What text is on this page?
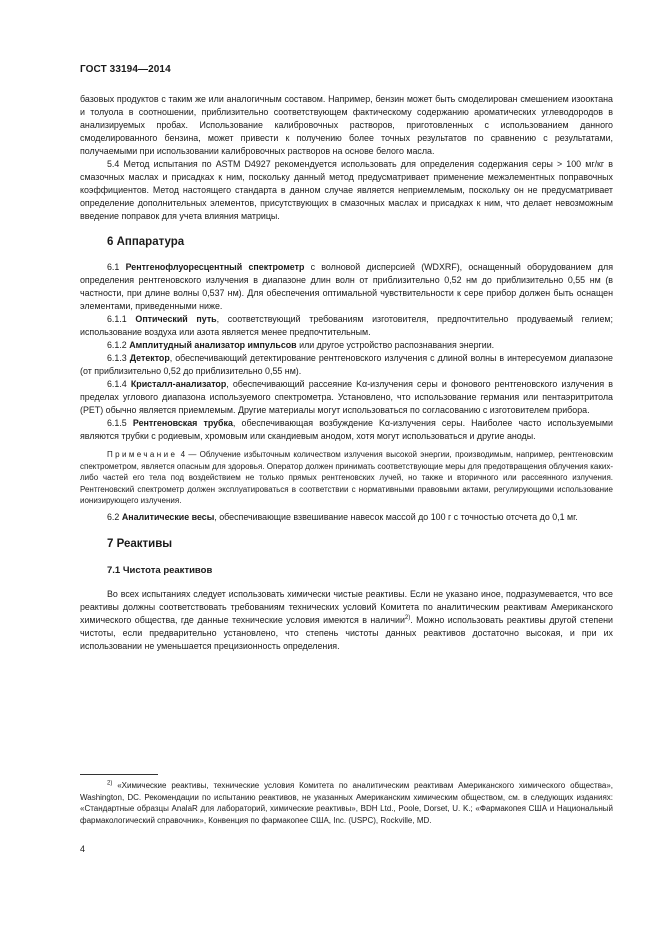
ГОСТ 33194—2014

базовых продуктов с таким же или аналогичным составом. Например, бензин может быть смоделирован смешением изооктана и толуола в соотношении, приблизительно соответствующем фактическому содержанию ароматических углеводородов в анализируемых пробах. Использование калибровочных растворов, приготовленных с использованием данного смоделированного бензина, может привести к получению более точных результатов по сравнению с результатами, получаемыми при использовании калибровочных растворов на основе белого масла.

5.4 Метод испытания по ASTM D4927 рекомендуется использовать для определения содержания серы > 100 мг/кг в смазочных маслах и присадках к ним, поскольку данный метод предусматривает применение межэлементных поправочных коэффициентов. Метод настоящего стандарта в данном случае является неприемлемым, поскольку он не предусматривает определение дополнительных элементов, присутствующих в смазочных маслах и присадках к ним, что делает невозможным введение поправок для учета влияния матрицы.

6 Аппаратура

6.1 Рентгенофлуоресцентный спектрометр с волновой дисперсией (WDXRF), оснащенный оборудованием для определения рентгеновского излучения в диапазоне длин волн от приблизительно 0,52 нм до приблизительно 0,55 нм (в частности, при длине волны 0,537 нм). Для обеспечения оптимальной чувствительности к сере прибор должен быть оснащен элементами, приведенными ниже.

6.1.1 Оптический путь, соответствующий требованиям изготовителя, предпочтительно продуваемый гелием; использование воздуха или азота является менее предпочтительным.

6.1.2 Амплитудный анализатор импульсов или другое устройство распознавания энергии.

6.1.3 Детектор, обеспечивающий детектирование рентгеновского излучения с длиной волны в интересуемом диапазоне (от приблизительно 0,52 до приблизительно 0,55 нм).

6.1.4 Кристалл-анализатор, обеспечивающий рассеяние Kα-излучения серы и фонового рентгеновского излучения в пределах углового диапазона используемого спектрометра. Установлено, что использование германия или пентаэритритола (PET) обычно является приемлемым. Другие материалы могут использоваться по согласованию с изготовителем прибора.

6.1.5 Рентгеновская трубка, обеспечивающая возбуждение Kα-излучения серы. Наиболее часто используемыми являются трубки с родиевым, хромовым или скандиевым анодом, хотя могут использоваться и другие аноды.

Примечание 4 — Облучение избыточным количеством излучения высокой энергии, производимым, например, рентгеновским спектрометром, является опасным для здоровья. Оператор должен принимать соответствующие меры для предотвращения облучения каких-либо частей его тела под воздействием не только прямых рентгеновских лучей, но также и вторичного или рассеянного излучения. Рентгеновский спектрометр должен эксплуатироваться в соответствии с нормативными правовыми актами, регулирующими использование ионизирующего излучения.

6.2 Аналитические весы, обеспечивающие взвешивание навесок массой до 100 г с точностью отсчета до 0,1 мг.

7 Реактивы
7.1 Чистота реактивов

Во всех испытаниях следует использовать химически чистые реактивы. Если не указано иное, подразумевается, что все реактивы должны соответствовать требованиям технических условий Комитета по аналитическим реактивам Американского химического общества, где данные технические условия имеются в наличии$^{2)}$. Можно использовать реактивы другой степени чистоты, если предварительно установлено, что степень чистоты данных реактивов достаточно высокая, и при их использовании не уменьшается прецизионность определения.

$^{2)}$ «Химические реактивы, технические условия Комитета по аналитическим реактивам Американского химического общества», Washington, DC. Рекомендации по испытанию реактивов, не указанных Американским химическим обществом, см. в следующих изданиях: «Стандартные образцы AnalaR для лабораторий, химические реактивы», BDH Ltd., Poole, Dorset, U. K.; «Фармакопея США и Национальный фармакологический справочник», Конвенция по фармакопее США, Inc. (USPC), Rockville, MD.

4
